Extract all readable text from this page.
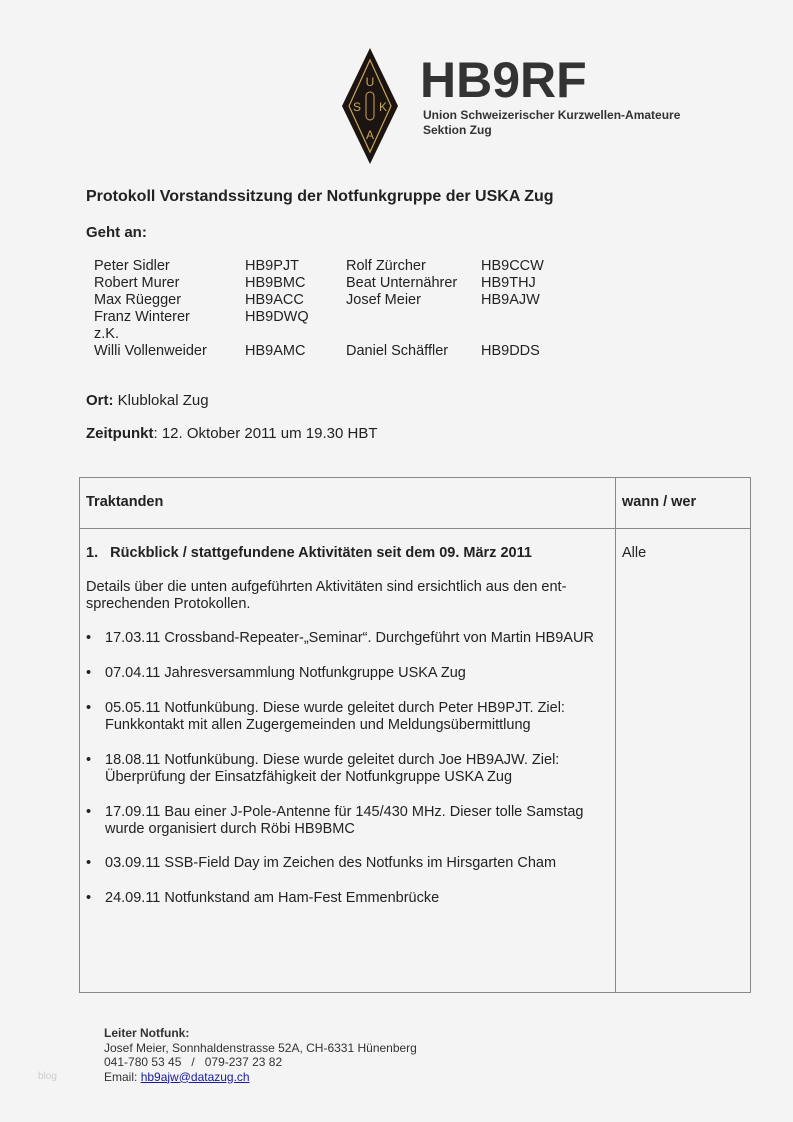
U
S K
A
HB9RF
Union Schweizerischer Kurzwellen-Amateure
Sektion Zug
Protokoll Vorstandssitzung der Notfunkgruppe der USKA Zug
Geht an:
Ort: Klublokal Zug
Zeitpunkt: 12. Oktober 2011 um 19.30 HBT
Traktanden	wann / wer
1.   Rückblick / stattgefundene Aktivitäten seit dem 09. März 2011	Alle
Details über die unten aufgeführten Aktivitäten sind ersichtlich aus den ent-
sprechenden Protokollen.
• 17.03.11 Crossband-Repeater-„Seminar“. Durchgeführt von Martin HB9AUR
• 07.04.11 Jahresversammlung Notfunkgruppe USKA Zug
• 05.05.11 Notfunkübung. Diese wurde geleitet durch Peter HB9PJT. Ziel:
Funkkontakt mit allen Zugergemeinden und Meldungsübermittlung
• 18.08.11 Notfunkübung. Diese wurde geleitet durch Joe HB9AJW. Ziel:
Überprüfung der Einsatzfähigkeit der Notfunkgruppe USKA Zug
• 17.09.11 Bau einer J-Pole-Antenne für 145/430 MHz. Dieser tolle Samstag
wurde organisiert durch Röbi HB9BMC
• 03.09.11 SSB-Field Day im Zeichen des Notfunks im Hirsgarten Cham
• 24.09.11 Notfunkstand am Ham-Fest Emmenbrücke
Leiter Notfunk:
Josef Meier, Sonnhaldenstrasse 52A, CH-6331 Hünenberg
041-780 53 45   /   079-237 23 82
Email: hb9ajw@datazug.ch
blog
Peter Sidler	HB9PJT	Rolf Zürcher	HB9CCW
Robert Murer	HB9BMC	Beat Unternährer HB9THJ
Max Rüegger	HB9ACC	Josef Meier	HB9AJW
Franz Winterer	HB9DWQ
z.K.
Willi Vollenweider	HB9AMC	Daniel Schäffler HB9DDS
